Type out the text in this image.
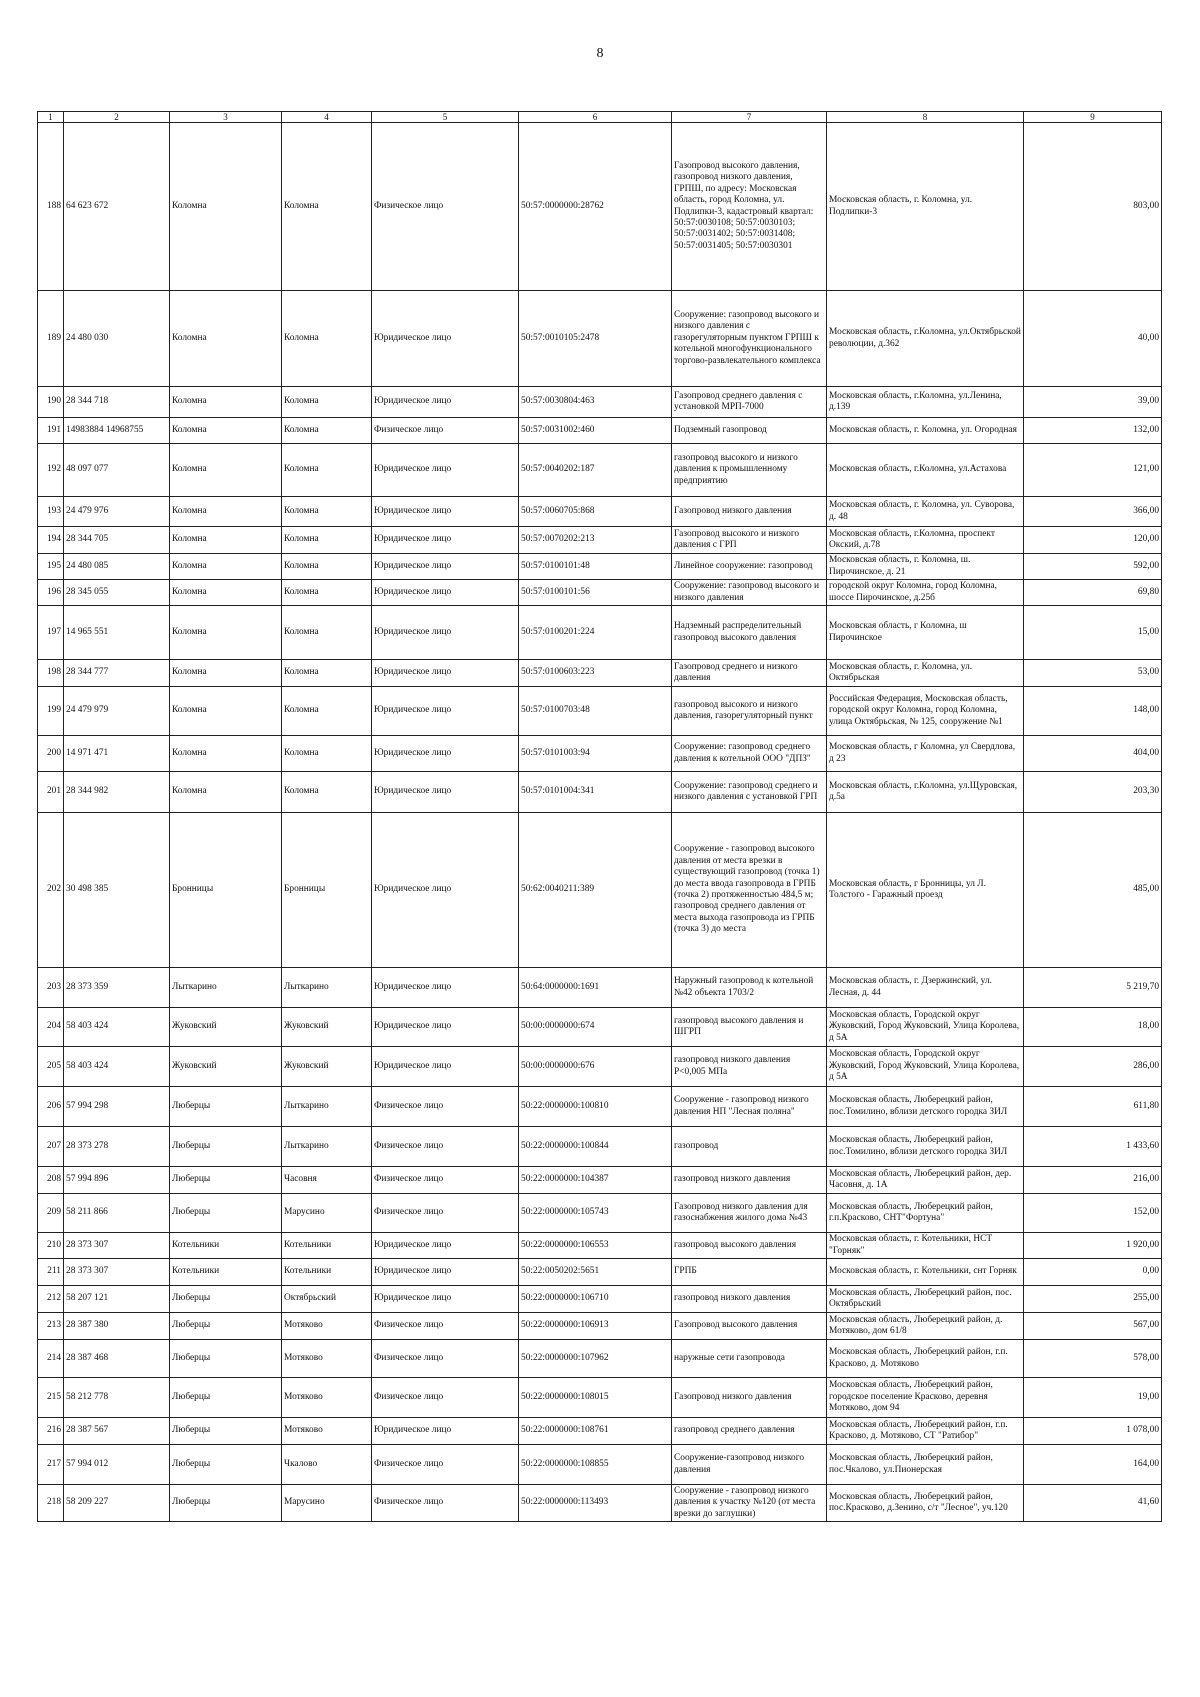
8
1	2	3	4	5	6	7	8	9
188	64 623 672	Коломна	Коломна	Физическое лицо	50:57:0000000:28762	Газопровод высокого давления, газопровод низкого давления, ГРПШ, по адресу: Московская область, город Коломна, ул. Подлипки-3, кадастровый квартал: 50:57:0030108; 50:57:0030103; 50:57:0031402; 50:57:0031408; 50:57:0031405; 50:57:0030301	Московская область, г. Коломна, ул. Подлипки-3	803,00
189	24 480 030	Коломна	Коломна	Юридическое лицо	50:57:0010105:2478	Сооружение: газопровод высокого и низкого давления с газорегуляторным пунктом ГРПШ к котельной многофункционального торгово-развлекательного комплекса	Московская область, г.Коломна, ул.Октябрьской революции, д.362	40,00
190	28 344 718	Коломна	Коломна	Юридическое лицо	50:57:0030804:463	Газопровод среднего давления с установкой МРП-7000	Московская область, г.Коломна, ул.Ленина, д.139	39,00
191	14983884 14968755	Коломна	Коломна	Физическое лицо	50:57:0031002:460	Подземный газопровод	Московская область, г. Коломна, ул. Огородная	132,00
192	48 097 077	Коломна	Коломна	Юридическое лицо	50:57:0040202:187	газопровод высокого и низкого давления к промышленному предприятию	Московская область, г.Коломна, ул.Астахова	121,00
193	24 479 976	Коломна	Коломна	Юридическое лицо	50:57:0060705:868	Газопровод низкого давления	Московская область, г. Коломна, ул. Суворова, д. 48	366,00
194	28 344 705	Коломна	Коломна	Юридическое лицо	50:57:0070202:213	Газопровод высокого и низкого давления с ГРП	Московская область, г.Коломна, проспект Окский, д.78	120,00
195	24 480 085	Коломна	Коломна	Юридическое лицо	50:57:0100101:48	Линейное сооружение: газопровод	Московская область, г. Коломна, ш. Пирочинское, д. 21	592,00
196	28 345 055	Коломна	Коломна	Юридическое лицо	50:57:0100101:56	Сооружение: газопровод высокого и низкого давления	городской округ Коломна, город Коломна, шоссе Пирочинское, д.25б	69,80
197	14 965 551	Коломна	Коломна	Юридическое лицо	50:57:0100201:224	Надземный распределительный газопровод высокого давления	Московская область, г Коломна, ш Пирочинское	15,00
198	28 344 777	Коломна	Коломна	Юридическое лицо	50:57:0100603:223	Газопровод среднего и низкого давления	Московская область, г. Коломна, ул. Октябрьская	53,00
199	24 479 979	Коломна	Коломна	Юридическое лицо	50:57:0100703:48	газопровод высокого и низкого давления, газорегуляторный пункт	Российская Федерация, Московская область, городской округ Коломна, город Коломна, улица Октябрьская, № 125, сооружение №1	148,00
200	14 971 471	Коломна	Коломна	Юридическое лицо	50:57:0101003:94	Сооружение: газопровод среднего давления к котельной ООО "ДПЗ"	Московская область, г Коломна, ул Свердлова, д 23	404,00
201	28 344 982	Коломна	Коломна	Юридическое лицо	50:57:0101004:341	Сооружение: газопровод среднего и низкого давления с установкой ГРП	Московская область, г.Коломна, ул.Щуровская, д.5а	203,30
202	30 498 385	Бронницы	Бронницы	Юридическое лицо	50:62:0040211:389	Сооружение - газопровод высокого давления от места врезки в существующий газопровод (точка 1) до места ввода газопровода в ГРПБ (точка 2) протяженностью 484,5 м; газопровод среднего давления от места выхода газопровода из ГРПБ (точка 3) до места	Московская область, г Бронницы, ул Л. Толстого - Гаражный проезд	485,00
203	28 373 359	Лыткарино	Лыткарино	Юридическое лицо	50:64:0000000:1691	Наружный газопровод к котельной №42 объекта 1703/2	Московская область, г. Дзержинский, ул. Лесная, д. 44	5 219,70
204	58 403 424	Жуковский	Жуковский	Юридическое лицо	50:00:0000000:674	газопровод высокого давления и ШГРП	Московская область, Городской округ Жуковский, Город Жуковский, Улица Королева, д 5А	18,00
205	58 403 424	Жуковский	Жуковский	Юридическое лицо	50:00:0000000:676	газопровод низкого давления Р<0,005 МПа	Московская область, Городской округ Жуковский, Город Жуковский, Улица Королева, д 5А	286,00
206	57 994 298	Люберцы	Лыткарино	Физическое лицо	50:22:0000000:100810	Сооружение - газопровод низкого давления НП "Лесная поляна"	Московская область, Люберецкий район, пос.Томилино, вблизи детского городка ЗИЛ	611,80
207	28 373 278	Люберцы	Лыткарино	Физическое лицо	50:22:0000000:100844	газопровод	Московская область, Люберецкий район, пос.Томилино, вблизи детского городка ЗИЛ	1 433,60
208	57 994 896	Люберцы	Часовня	Физическое лицо	50:22:0000000:104387	газопровод низкого давления	Московская область, Люберецкий район, дер. Часовня, д. 1А	216,00
209	58 211 866	Люберцы	Марусино	Физическое лицо	50:22:0000000:105743	Газопровод низкого давления для газоснабжения жилого дома №43	Московская область, Люберецкий район, г.п.Красково, СНТ"Фортуна"	152,00
210	28 373 307	Котельники	Котельники	Юридическое лицо	50:22:0000000:106553	газопровод высокого давления	Московская область, г. Котельники, НСТ "Горняк"	1 920,00
211	28 373 307	Котельники	Котельники	Юридическое лицо	50:22:0050202:5651	ГРПБ	Московская область, г. Котельники, снт Горняк	0,00
212	58 207 121	Люберцы	Октябрьский	Юридическое лицо	50:22:0000000:106710	газопровод низкого давления	Московская область, Люберецкий район, пос. Октябрьский	255,00
213	28 387 380	Люберцы	Мотяково	Физическое лицо	50:22:0000000:106913	Газопровод высокого давления	Московская область, Люберецкий район, д. Мотяково, дом 61/8	567,00
214	28 387 468	Люберцы	Мотяково	Физическое лицо	50:22:0000000:107962	наружные сети газопровода	Московская область, Люберецкий район, г.п. Красково, д. Мотяково	578,00
215	58 212 778	Люберцы	Мотяково	Физическое лицо	50:22:0000000:108015	Газопровод низкого давления	Московская область, Люберецкий район, городское поселение Красково, деревня Мотяково, дом 94	19,00
216	28 387 567	Люберцы	Мотяково	Юридическое лицо	50:22:0000000:108761	газопровод среднего давления	Московская область, Люберецкий район, г.п. Красково, д. Мотяково, СТ "Ратибор"	1 078,00
217	57 994 012	Люберцы	Чкалово	Физическое лицо	50:22:0000000:108855	Сооружение-газопровод низкого давления	Московская область, Люберецкий район, пос.Чкалово, ул.Пионерская	164,00
218	58 209 227	Люберцы	Марусино	Физическое лицо	50:22:0000000:113493	Сооружение - газопровод низкого давления к участку №120 (от места врезки до заглушки)	Московская область, Люберецкий район, пос.Красково, д.Зенино, с/т "Лесное", уч.120	41,60
